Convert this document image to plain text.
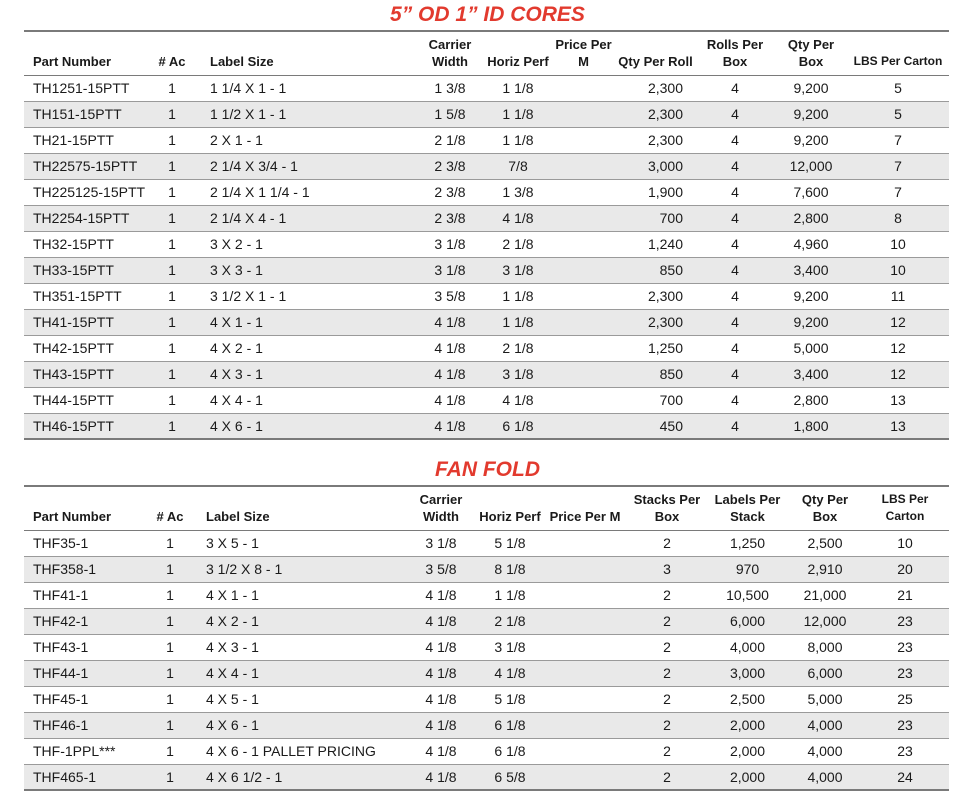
5” OD 1” ID CORES
Part Number	# Ac	Label Size	Carrier Width	Horiz Perf	Price Per M	Qty Per Roll	Rolls Per Box	Qty Per Box	LBS Per Carton
TH1251-15PTT	1	1 1/4 X 1 - 1	1 3/8	1 1/8		2,300	4	9,200	5
TH151-15PTT	1	1 1/2 X 1 - 1	1 5/8	1 1/8		2,300	4	9,200	5
TH21-15PTT	1	2 X 1 - 1	2 1/8	1 1/8		2,300	4	9,200	7
TH22575-15PTT	1	2 1/4 X 3/4 - 1	2 3/8	7/8		3,000	4	12,000	7
TH225125-15PTT	1	2 1/4 X 1 1/4 - 1	2 3/8	1 3/8		1,900	4	7,600	7
TH2254-15PTT	1	2 1/4 X 4 - 1	2 3/8	4 1/8		700	4	2,800	8
TH32-15PTT	1	3 X 2 - 1	3 1/8	2 1/8		1,240	4	4,960	10
TH33-15PTT	1	3 X 3 - 1	3 1/8	3 1/8		850	4	3,400	10
TH351-15PTT	1	3 1/2 X 1 - 1	3 5/8	1 1/8		2,300	4	9,200	11
TH41-15PTT	1	4 X 1 - 1	4 1/8	1 1/8		2,300	4	9,200	12
TH42-15PTT	1	4 X 2 - 1	4 1/8	2 1/8		1,250	4	5,000	12
TH43-15PTT	1	4 X 3 - 1	4 1/8	3 1/8		850	4	3,400	12
TH44-15PTT	1	4 X 4 - 1	4 1/8	4 1/8		700	4	2,800	13
TH46-15PTT	1	4 X 6 - 1	4 1/8	6 1/8		450	4	1,800	13
FAN FOLD
Part Number	# Ac	Label Size	Carrier Width	Horiz Perf	Price Per M	Stacks Per Box	Labels Per Stack	Qty Per Box	LBS Per Carton
THF35-1	1	3 X 5 - 1	3 1/8	5 1/8		2	1,250	2,500	10
THF358-1	1	3 1/2 X 8 - 1	3 5/8	8 1/8		3	970	2,910	20
THF41-1	1	4 X 1 - 1	4 1/8	1 1/8		2	10,500	21,000	21
THF42-1	1	4 X 2 - 1	4 1/8	2 1/8		2	6,000	12,000	23
THF43-1	1	4 X 3 - 1	4 1/8	3 1/8		2	4,000	8,000	23
THF44-1	1	4 X 4 - 1	4 1/8	4 1/8		2	3,000	6,000	23
THF45-1	1	4 X 5 - 1	4 1/8	5 1/8		2	2,500	5,000	25
THF46-1	1	4 X 6 - 1	4 1/8	6 1/8		2	2,000	4,000	23
THF-1PPL***	1	4 X 6 - 1 PALLET PRICING	4 1/8	6 1/8		2	2,000	4,000	23
THF465-1	1	4 X 6 1/2 - 1	4 1/8	6 5/8		2	2,000	4,000	24
